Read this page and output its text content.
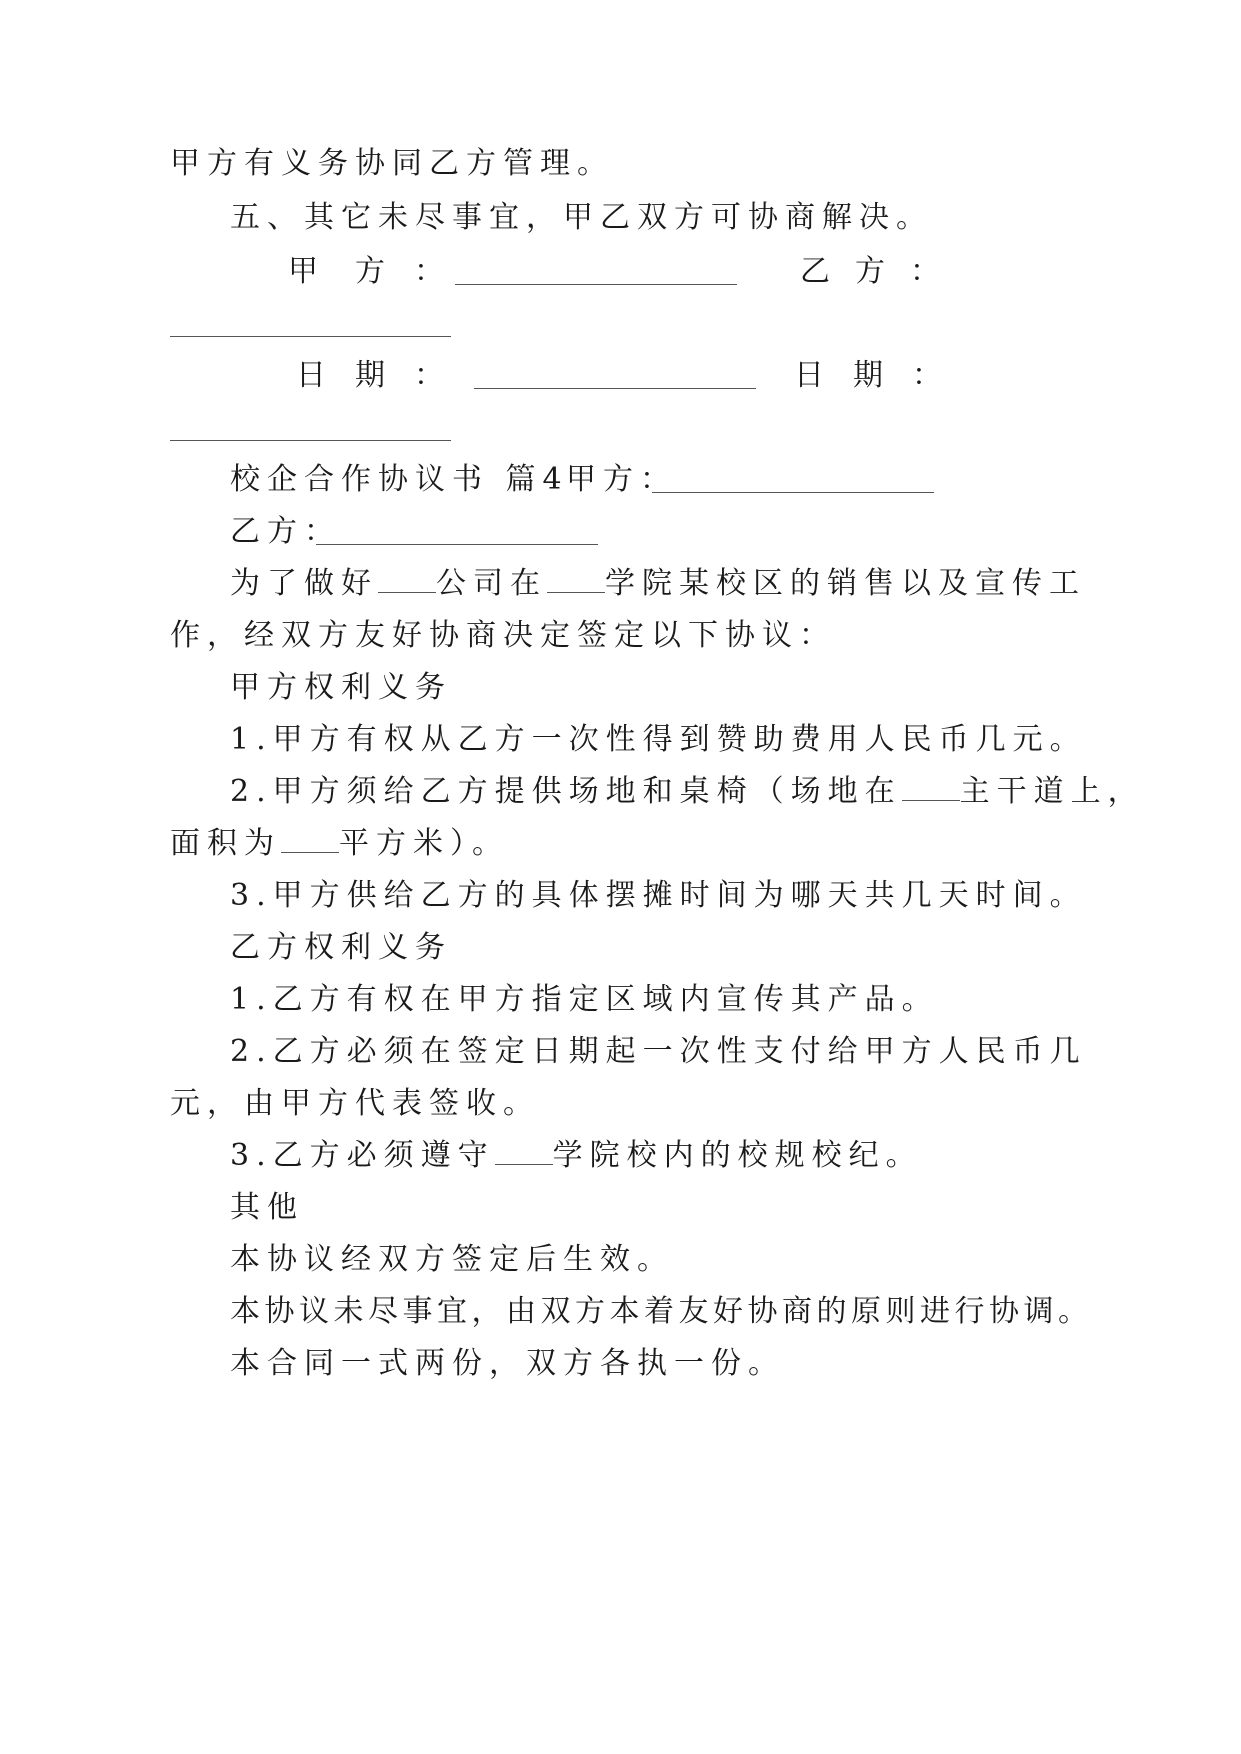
甲方有义务协同乙方管理。
五、其它未尽事宜，甲乙双方可协商解决。
甲 方 ：	乙 方 ：
日 期 ：	日 期 ：
校企合作协议书 篇4
甲方：
乙方：
为了做好 公司在 学院某校区的销售以及宣传工
作，经双方友好协商决定签定以下协议：
甲方权利义务
1.甲方有权从乙方一次性得到赞助费用人民币几元。
2.甲方须给乙方提供场地和桌椅（场地在 主干道上，
面积为 平方米）。
3.甲方供给乙方的具体摆摊时间为哪天共几天时间。
乙方权利义务
1.乙方有权在甲方指定区域内宣传其产品。
2.乙方必须在签定日期起一次性支付给甲方人民币几
元，由甲方代表签收。
3.乙方必须遵守 学院校内的校规校纪。
其他
本协议经双方签定后生效。
本协议未尽事宜，由双方本着友好协商的原则进行协调。
本合同一式两份，双方各执一份。
